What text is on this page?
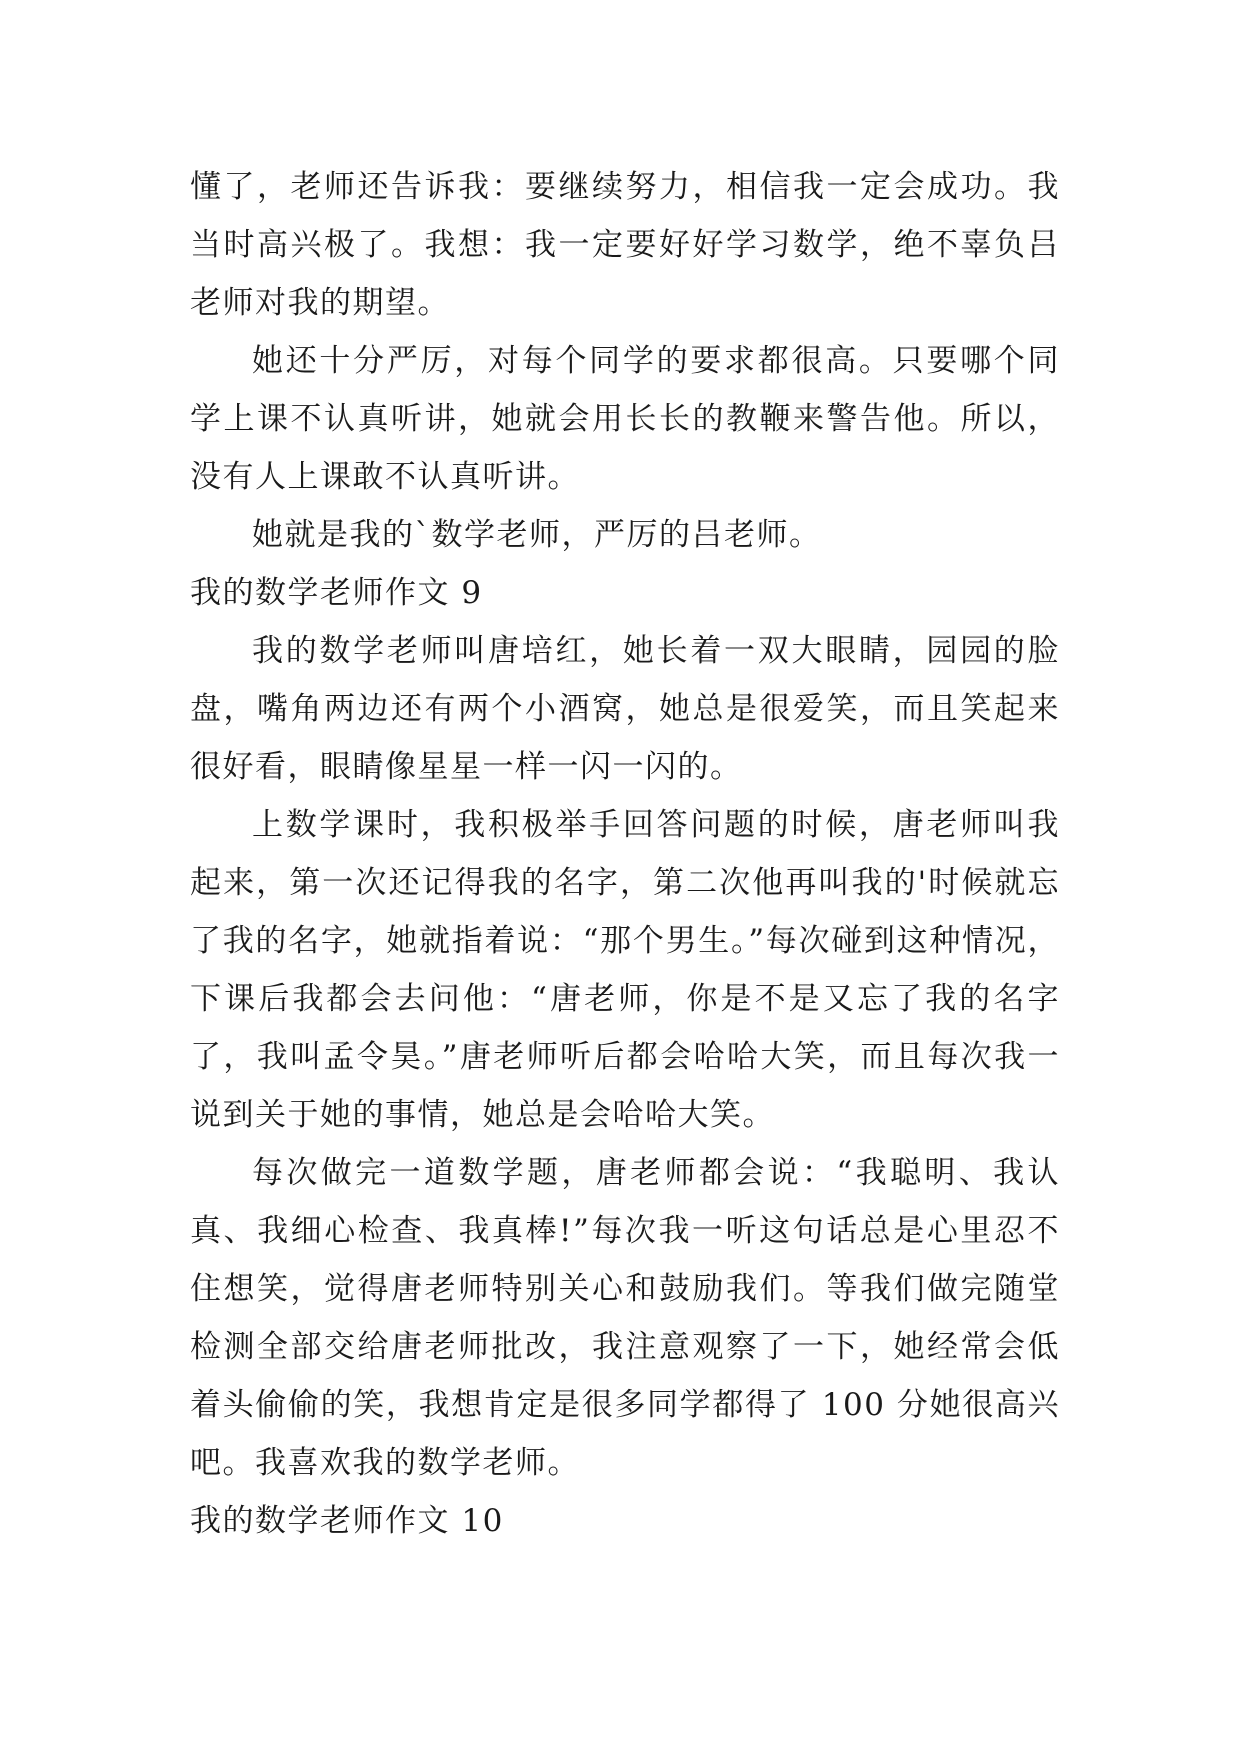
懂了，老师还告诉我：要继续努力，相信我一定会成功。我当时高兴极了。我想：我一定要好好学习数学，绝不辜负吕老师对我的期望。

她还十分严厉，对每个同学的要求都很高。只要哪个同学上课不认真听讲，她就会用长长的教鞭来警告他。所以，没有人上课敢不认真听讲。

她就是我的`数学老师，严厉的吕老师。

我的数学老师作文 9

我的数学老师叫唐培红，她长着一双大眼睛，园园的脸盘，嘴角两边还有两个小酒窝，她总是很爱笑，而且笑起来很好看，眼睛像星星一样一闪一闪的。

上数学课时，我积极举手回答问题的时候，唐老师叫我起来，第一次还记得我的名字，第二次他再叫我的'时候就忘了我的名字，她就指着说：“那个男生。”每次碰到这种情况，下课后我都会去问他：“唐老师，你是不是又忘了我的名字了，我叫孟令昊。”唐老师听后都会哈哈大笑，而且每次我一说到关于她的事情，她总是会哈哈大笑。

每次做完一道数学题，唐老师都会说：“我聪明、我认真、我细心检查、我真棒!”每次我一听这句话总是心里忍不住想笑，觉得唐老师特别关心和鼓励我们。等我们做完随堂检测全部交给唐老师批改，我注意观察了一下，她经常会低着头偷偷的笑，我想肯定是很多同学都得了 100 分她很高兴吧。我喜欢我的数学老师。

我的数学老师作文 10
